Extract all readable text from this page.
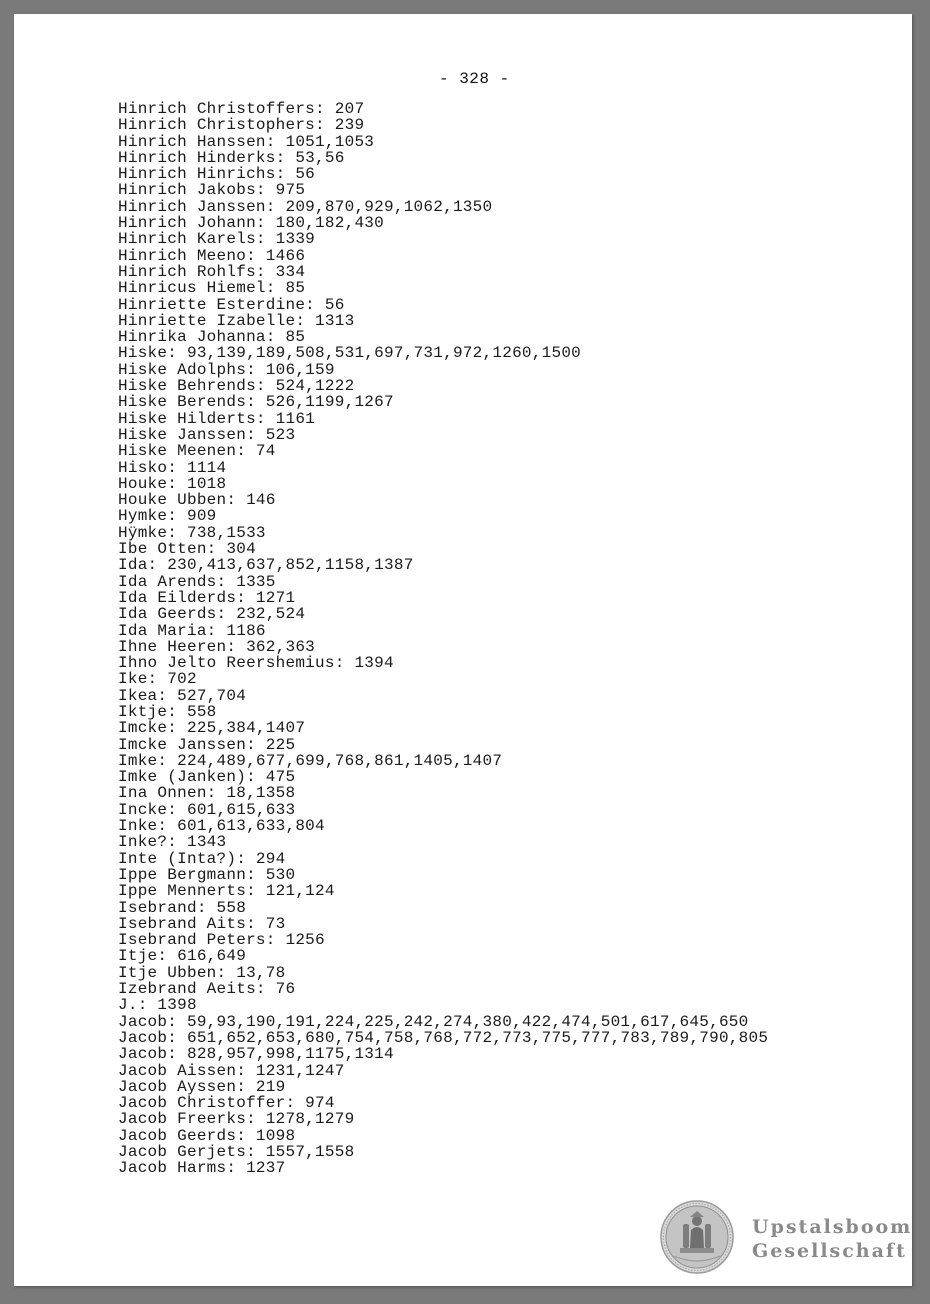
- 328 -
Hinrich Christoffers: 207
Hinrich Christophers: 239
Hinrich Hanssen: 1051,1053
Hinrich Hinderks: 53,56
Hinrich Hinrichs: 56
Hinrich Jakobs: 975
Hinrich Janssen: 209,870,929,1062,1350
Hinrich Johann: 180,182,430
Hinrich Karels: 1339
Hinrich Meeno: 1466
Hinrich Rohlfs: 334
Hinricus Hiemel: 85
Hinriette Esterdine: 56
Hinriette Izabelle: 1313
Hinrika Johanna: 85
Hiske: 93,139,189,508,531,697,731,972,1260,1500
Hiske Adolphs: 106,159
Hiske Behrends: 524,1222
Hiske Berends: 526,1199,1267
Hiske Hilderts: 1161
Hiske Janssen: 523
Hiske Meenen: 74
Hisko: 1114
Houke: 1018
Houke Ubben: 146
Hymke: 909
Hÿmke: 738,1533
Ibe Otten: 304
Ida: 230,413,637,852,1158,1387
Ida Arends: 1335
Ida Eilderds: 1271
Ida Geerds: 232,524
Ida Maria: 1186
Ihne Heeren: 362,363
Ihno Jelto Reershemius: 1394
Ike: 702
Ikea: 527,704
Iktje: 558
Imcke: 225,384,1407
Imcke Janssen: 225
Imke: 224,489,677,699,768,861,1405,1407
Imke (Janken): 475
Ina Onnen: 18,1358
Incke: 601,615,633
Inke: 601,613,633,804
Inke?: 1343
Inte (Inta?): 294
Ippe Bergmann: 530
Ippe Mennerts: 121,124
Isebrand: 558
Isebrand Aits: 73
Isebrand Peters: 1256
Itje: 616,649
Itje Ubben: 13,78
Izebrand Aeits: 76
J.: 1398
Jacob: 59,93,190,191,224,225,242,274,380,422,474,501,617,645,650
Jacob: 651,652,653,680,754,758,768,772,773,775,777,783,789,790,805
Jacob: 828,957,998,1175,1314
Jacob Aissen: 1231,1247
Jacob Ayssen: 219
Jacob Christoffer: 974
Jacob Freerks: 1278,1279
Jacob Geerds: 1098
Jacob Gerjets: 1557,1558
Jacob Harms: 1237
Upstalsboom
Gesellschaft
